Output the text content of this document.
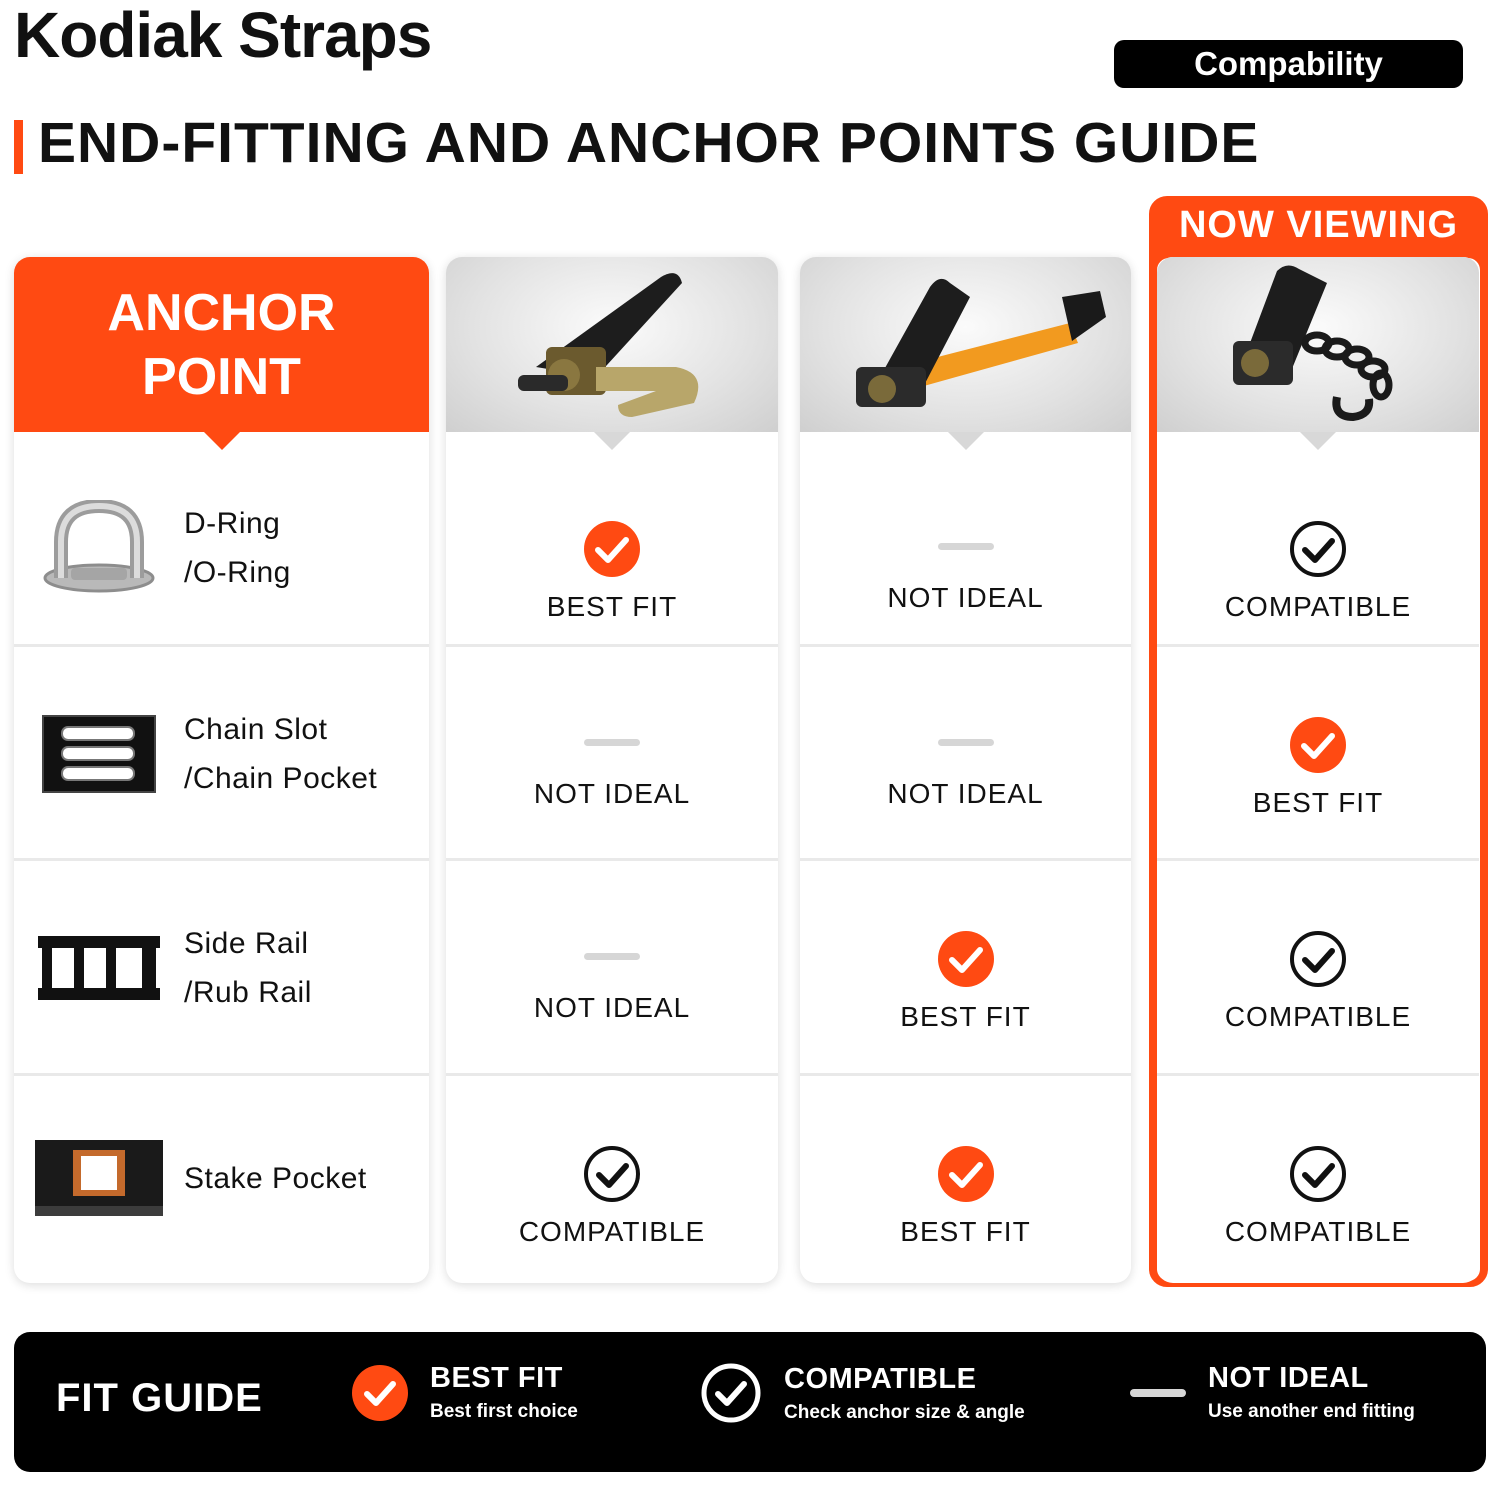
Kodiak Straps	Compability
END-FITTING AND ANCHOR POINTS GUIDE
NOW VIEWING
ANCHOR
POINT
D-Ring
/O-Ring
Chain Slot
/Chain Pocket
Side Rail
/Rub Rail
Stake Pocket
BEST FIT
NOT IDEAL
NOT IDEAL
COMPATIBLE
NOT IDEAL
NOT IDEAL
BEST FIT
BEST FIT
COMPATIBLE
BEST FIT
COMPATIBLE
COMPATIBLE
FIT GUIDE	BEST FIT
Best first choice
COMPATIBLE
Check anchor size & angle
NOT IDEAL
Use another end fitting
